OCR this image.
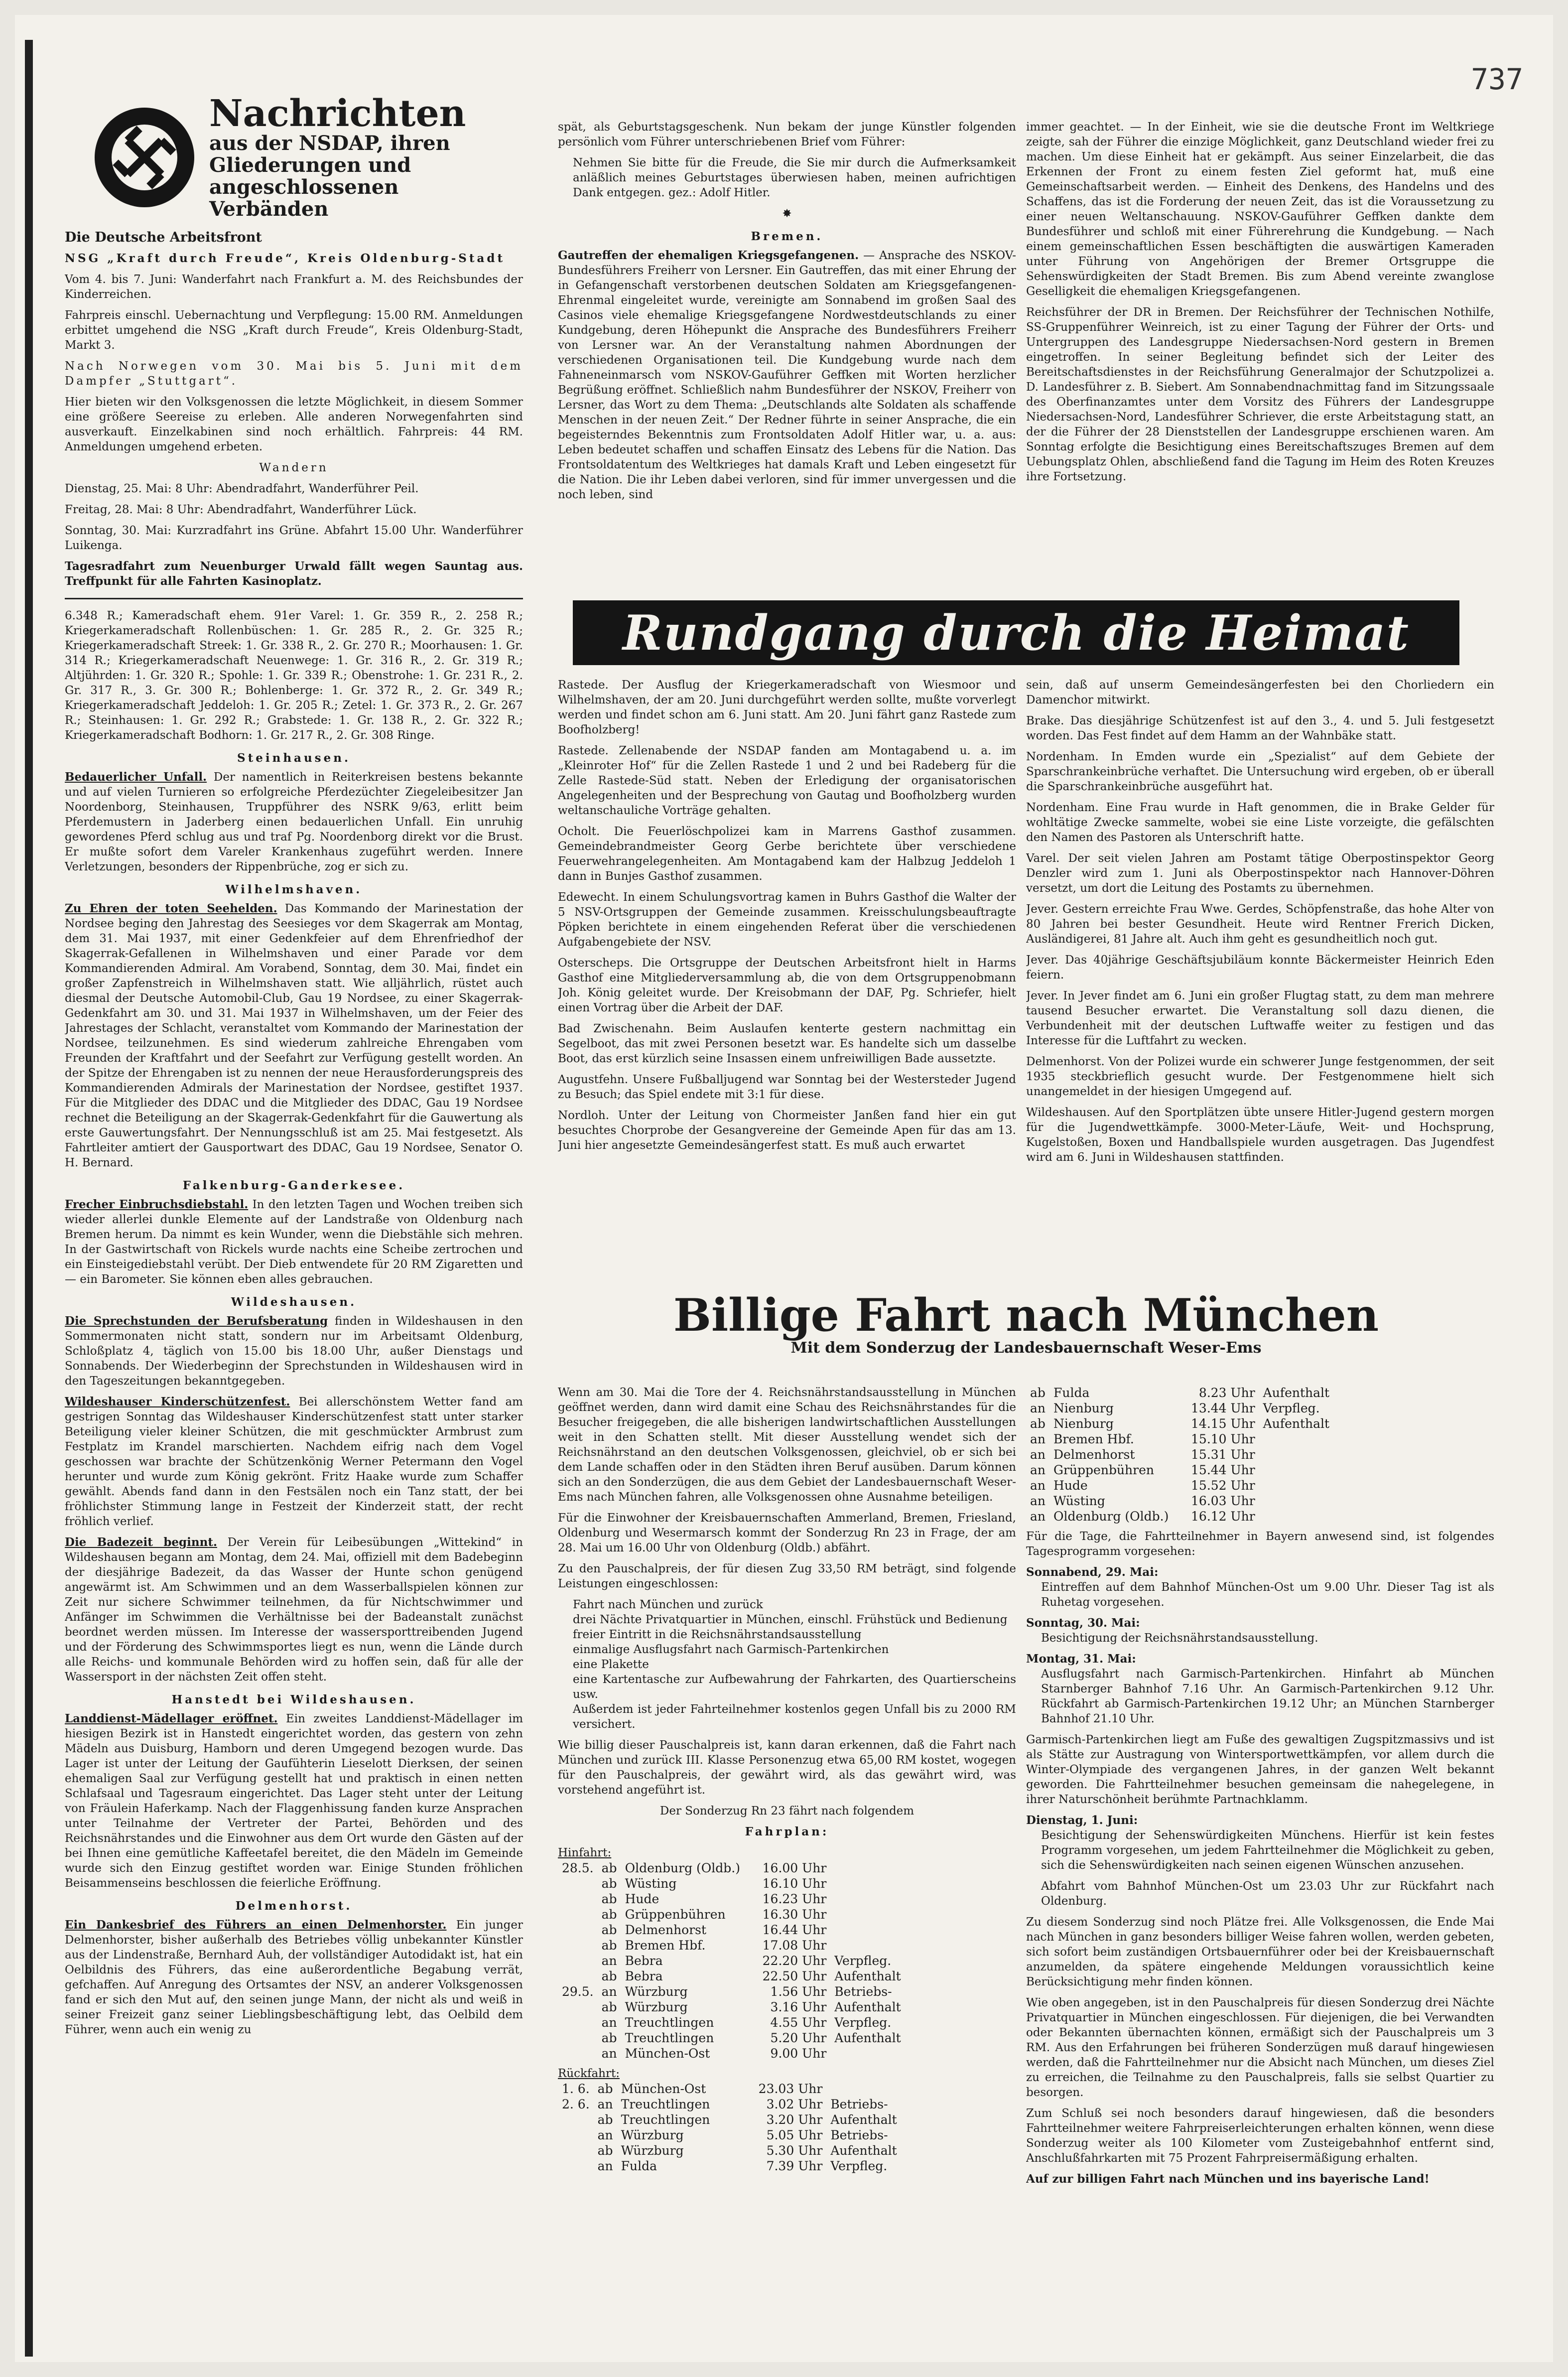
737
Nachrichten
aus der NSDAP, ihren
Gliederungen und
angeschlossenen Verbänden

Die Deutsche Arbeitsfront

NSG „Kraft durch Freude“, Kreis Oldenburg-Stadt

Vom 4. bis 7. Juni: Wanderfahrt nach Frankfurt a. M. des Reichsbundes der Kinderreichen.

Fahrpreis einschl. Uebernachtung und Verpflegung: 15.00 RM. Anmeldungen erbittet umgehend die NSG „Kraft durch Freude“, Kreis Oldenburg-Stadt, Markt 3.

Nach Norwegen vom 30. Mai bis 5. Juni mit dem Dampfer „Stuttgart“.

Hier bieten wir den Volksgenossen die letzte Möglichkeit, in diesem Sommer eine größere Seereise zu erleben. Alle anderen Norwegenfahrten sind ausverkauft. Einzelkabinen sind noch erhältlich. Fahrpreis: 44 RM. Anmeldungen umgehend erbeten.

Wandern

Dienstag, 25. Mai: 8 Uhr: Abendradfahrt, Wanderführer Peil.

Freitag, 28. Mai: 8 Uhr: Abendradfahrt, Wanderführer Lück.

Sonntag, 30. Mai: Kurzradfahrt ins Grüne. Abfahrt 15.00 Uhr. Wanderführer Luikenga.

Tagesradfahrt zum Neuenburger Urwald fällt wegen Sauntag aus. Treffpunkt für alle Fahrten Kasinoplatz.

6.348 R.; Kameradschaft ehem. 91er Varel: 1. Gr. 359 R., 2. 258 R.; Kriegerkameradschaft Rollenbüschen: 1. Gr. 285 R., 2. Gr. 325 R.; Kriegerkameradschaft Streek: 1. Gr. 338 R., 2. Gr. 270 R.; Moorhausen: 1. Gr. 314 R.; Kriegerkameradschaft Neuenwege: 1. Gr. 316 R., 2. Gr. 319 R.; Altjührden: 1. Gr. 320 R.; Spohle: 1. Gr. 339 R.; Obenstrohe: 1. Gr. 231 R., 2. Gr. 317 R., 3. Gr. 300 R.; Bohlenberge: 1. Gr. 372 R., 2. Gr. 349 R.; Kriegerkameradschaft Jeddeloh: 1. Gr. 205 R.; Zetel: 1. Gr. 373 R., 2. Gr. 267 R.; Steinhausen: 1. Gr. 292 R.; Grabstede: 1. Gr. 138 R., 2. Gr. 322 R.; Kriegerkameradschaft Bodhorn: 1. Gr. 217 R., 2. Gr. 308 Ringe.

Steinhausen.

Bedauerlicher Unfall. Der namentlich in Reiterkreisen bestens bekannte und auf vielen Turnieren so erfolgreiche Pferdezüchter Ziegeleibesitzer Jan Noordenborg, Steinhausen, Truppführer des NSRK 9/63, erlitt beim Pferdemustern in Jaderberg einen bedauerlichen Unfall. Ein unruhig gewordenes Pferd schlug aus und traf Pg. Noordenborg direkt vor die Brust. Er mußte sofort dem Vareler Krankenhaus zugeführt werden. Innere Verletzungen, besonders der Rippenbrüche, zog er sich zu.

Wilhelmshaven.

Zu Ehren der toten Seehelden. Das Kommando der Marinestation der Nordsee beging den Jahrestag des Seesieges vor dem Skagerrak am Montag, dem 31. Mai 1937, mit einer Gedenkfeier auf dem Ehrenfriedhof der Skagerrak-Gefallenen in Wilhelmshaven und einer Parade vor dem Kommandierenden Admiral. Am Vorabend, Sonntag, dem 30. Mai, findet ein großer Zapfenstreich in Wilhelmshaven statt. Wie alljährlich, rüstet auch diesmal der Deutsche Automobil-Club, Gau 19 Nordsee, zu einer Skagerrak-Gedenkfahrt am 30. und 31. Mai 1937 in Wilhelmshaven, um der Feier des Jahrestages der Schlacht, veranstaltet vom Kommando der Marinestation der Nordsee, teilzunehmen. Es sind wiederum zahlreiche Ehrengaben vom Freunden der Kraftfahrt und der Seefahrt zur Verfügung gestellt worden. An der Spitze der Ehrengaben ist zu nennen der neue Herausforderungspreis des Kommandierenden Admirals der Marinestation der Nordsee, gestiftet 1937. Für die Mitglieder des DDAC und die Mitglieder des DDAC, Gau 19 Nordsee rechnet die Beteiligung an der Skagerrak-Gedenkfahrt für die Gauwertung als erste Gauwertungsfahrt. Der Nennungsschluß ist am 25. Mai festgesetzt. Als Fahrtleiter amtiert der Gausportwart des DDAC, Gau 19 Nordsee, Senator O. H. Bernard.

Falkenburg-Ganderkesee.

Frecher Einbruchsdiebstahl. In den letzten Tagen und Wochen treiben sich wieder allerlei dunkle Elemente auf der Landstraße von Oldenburg nach Bremen herum. Da nimmt es kein Wunder, wenn die Diebstähle sich mehren. In der Gastwirtschaft von Rickels wurde nachts eine Scheibe zertrochen und ein Einsteigediebstahl verübt. Der Dieb entwendete für 20 RM Zigaretten und — ein Barometer. Sie können eben alles gebrauchen.

Wildeshausen.

Die Sprechstunden der Berufsberatung finden in Wildeshausen in den Sommermonaten nicht statt, sondern nur im Arbeitsamt Oldenburg, Schloßplatz 4, täglich von 15.00 bis 18.00 Uhr, außer Dienstags und Sonnabends. Der Wiederbeginn der Sprechstunden in Wildeshausen wird in den Tageszeitungen bekanntgegeben.

Wildeshauser Kinderschützenfest. Bei allerschönstem Wetter fand am gestrigen Sonntag das Wildeshauser Kinderschützenfest statt unter starker Beteiligung vieler kleiner Schützen, die mit geschmückter Armbrust zum Festplatz im Krandel marschierten. Nachdem eifrig nach dem Vogel geschossen war brachte der Schützenkönig Werner Petermann den Vogel herunter und wurde zum König gekrönt. Fritz Haake wurde zum Schaffer gewählt. Abends fand dann in den Festsälen noch ein Tanz statt, der bei fröhlichster Stimmung lange in Festzeit der Kinderzeit statt, der recht fröhlich verlief.

Die Badezeit beginnt. Der Verein für Leibesübungen „Wittekind“ in Wildeshausen begann am Montag, dem 24. Mai, offiziell mit dem Badebeginn der diesjährige Badezeit, da das Wasser der Hunte schon genügend angewärmt ist. Am Schwimmen und an dem Wasserballspielen können zur Zeit nur sichere Schwimmer teilnehmen, da für Nichtschwimmer und Anfänger im Schwimmen die Verhältnisse bei der Badeanstalt zunächst beordnet werden müssen. Im Interesse der wassersporttreibenden Jugend und der Förderung des Schwimmsportes liegt es nun, wenn die Lände durch alle Reichs- und kommunale Behörden wird zu hoffen sein, daß für alle der Wassersport in der nächsten Zeit offen steht.

Hanstedt bei Wildeshausen.

Landdienst-Mädellager eröffnet. Ein zweites Landdienst-Mädellager im hiesigen Bezirk ist in Hanstedt eingerichtet worden, das gestern von zehn Mädeln aus Duisburg, Hamborn und deren Umgegend bezogen wurde. Das Lager ist unter der Leitung der Gaufühterin Lieselott Dierksen, der seinen ehemaligen Saal zur Verfügung gestellt hat und praktisch in einen netten Schlafsaal und Tagesraum eingerichtet. Das Lager steht unter der Leitung von Fräulein Haferkamp. Nach der Flaggenhissung fanden kurze Ansprachen unter Teilnahme der Vertreter der Partei, Behörden und des Reichsnährstandes und die Einwohner aus dem Ort wurde den Gästen auf der bei Ihnen eine gemütliche Kaffeetafel bereitet, die den Mädeln im Gemeinde wurde sich den Einzug gestiftet worden war. Einige Stunden fröhlichen Beisammenseins beschlossen die feierliche Eröffnung.

Delmenhorst.

Ein Dankesbrief des Führers an einen Delmenhorster. Ein junger Delmenhorster, bisher außerhalb des Betriebes völlig unbekannter Künstler aus der Lindenstraße, Bernhard Auh, der vollständiger Autodidakt ist, hat ein Oelbildnis des Führers, das eine außerordentliche Begabung verrät, gefchaffen. Auf Anregung des Ortsamtes der NSV, an anderer Volksgenossen fand er sich den Mut auf, den seinen junge Mann, der nicht als und weiß in seiner Freizeit ganz seiner Lieblingsbeschäftigung lebt, das Oelbild dem Führer, wenn auch ein wenig zu

spät, als Geburtstagsgeschenk. Nun bekam der junge Künstler folgenden persönlich vom Führer unterschriebenen Brief vom Führer:

Nehmen Sie bitte für die Freude, die Sie mir durch die Aufmerksamkeit anläßlich meines Geburtstages überwiesen haben, meinen aufrichtigen Dank entgegen. gez.: Adolf Hitler.

✸

Bremen.

Gautreffen der ehemaligen Kriegsgefangenen. — Ansprache des NSKOV-Bundesführers Freiherr von Lersner. Ein Gautreffen, das mit einer Ehrung der in Gefangenschaft verstorbenen deutschen Soldaten am Kriegsgefangenen-Ehrenmal eingeleitet wurde, vereinigte am Sonnabend im großen Saal des Casinos viele ehemalige Kriegsgefangene Nordwestdeutschlands zu einer Kundgebung, deren Höhepunkt die Ansprache des Bundesführers Freiherr von Lersner war. An der Veranstaltung nahmen Abordnungen der verschiedenen Organisationen teil. Die Kundgebung wurde nach dem Fahneneinmarsch vom NSKOV-Gauführer Geffken mit Worten herzlicher Begrüßung eröffnet. Schließlich nahm Bundesführer der NSKOV, Freiherr von Lersner, das Wort zu dem Thema: „Deutschlands alte Soldaten als schaffende Menschen in der neuen Zeit.“ Der Redner führte in seiner Ansprache, die ein begeisterndes Bekenntnis zum Frontsoldaten Adolf Hitler war, u. a. aus: Leben bedeutet schaffen und schaffen Einsatz des Lebens für die Nation. Das Frontsoldatentum des Weltkrieges hat damals Kraft und Leben eingesetzt für die Nation. Die ihr Leben dabei verloren, sind für immer unvergessen und die noch leben, sind

immer geachtet. — In der Einheit, wie sie die deutsche Front im Weltkriege zeigte, sah der Führer die einzige Möglichkeit, ganz Deutschland wieder frei zu machen. Um diese Einheit hat er gekämpft. Aus seiner Einzelarbeit, die das Erkennen der Front zu einem festen Ziel geformt hat, muß eine Gemeinschaftsarbeit werden. — Einheit des Denkens, des Handelns und des Schaffens, das ist die Forderung der neuen Zeit, das ist die Voraussetzung zu einer neuen Weltanschauung. NSKOV-Gauführer Geffken dankte dem Bundesführer und schloß mit einer Führerehrung die Kundgebung. — Nach einem gemeinschaftlichen Essen beschäftigten die auswärtigen Kameraden unter Führung von Angehörigen der Bremer Ortsgruppe die Sehenswürdigkeiten der Stadt Bremen. Bis zum Abend vereinte zwanglose Geselligkeit die ehemaligen Kriegsgefangenen.

Reichsführer der DR in Bremen. Der Reichsführer der Technischen Nothilfe, SS-Gruppenführer Weinreich, ist zu einer Tagung der Führer der Orts- und Untergruppen des Landesgruppe Niedersachsen-Nord gestern in Bremen eingetroffen. In seiner Begleitung befindet sich der Leiter des Bereitschaftsdienstes in der Reichsführung Generalmajor der Schutzpolizei a. D. Landesführer z. B. Siebert. Am Sonnabendnachmittag fand im Sitzungssaale des Oberfinanzamtes unter dem Vorsitz des Führers der Landesgruppe Niedersachsen-Nord, Landesführer Schriever, die erste Arbeitstagung statt, an der die Führer der 28 Dienststellen der Landesgruppe erschienen waren. Am Sonntag erfolgte die Besichtigung eines Bereitschaftszuges Bremen auf dem Uebungsplatz Ohlen, abschließend fand die Tagung im Heim des Roten Kreuzes ihre Fortsetzung.

Rundgang durch die Heimat

Rastede. Der Ausflug der Kriegerkameradschaft von Wiesmoor und Wilhelmshaven, der am 20. Juni durchgeführt werden sollte, mußte vorverlegt werden und findet schon am 6. Juni statt. Am 20. Juni fährt ganz Rastede zum Boofholzberg!

Rastede. Zellenabende der NSDAP fanden am Montagabend u. a. im „Kleinroter Hof“ für die Zellen Rastede 1 und 2 und bei Radeberg für die Zelle Rastede-Süd statt. Neben der Erledigung der organisatorischen Angelegenheiten und der Besprechung von Gautag und Boofholzberg wurden weltanschauliche Vorträge gehalten.

Ocholt. Die Feuerlöschpolizei kam in Marrens Gasthof zusammen. Gemeindebrandmeister Georg Gerbe berichtete über verschiedene Feuerwehrangelegenheiten. Am Montagabend kam der Halbzug Jeddeloh 1 dann in Bunjes Gasthof zusammen.

Edewecht. In einem Schulungsvortrag kamen in Buhrs Gasthof die Walter der 5 NSV-Ortsgruppen der Gemeinde zusammen. Kreisschulungsbeauftragte Pöpken berichtete in einem eingehenden Referat über die verschiedenen Aufgabengebiete der NSV.

Osterscheps. Die Ortsgruppe der Deutschen Arbeitsfront hielt in Harms Gasthof eine Mitgliederversammlung ab, die von dem Ortsgruppenobmann Joh. König geleitet wurde. Der Kreisobmann der DAF, Pg. Schriefer, hielt einen Vortrag über die Arbeit der DAF.

Bad Zwischenahn. Beim Auslaufen kenterte gestern nachmittag ein Segelboot, das mit zwei Personen besetzt war. Es handelte sich um dasselbe Boot, das erst kürzlich seine Insassen einem unfreiwilligen Bade aussetzte.

Augustfehn. Unsere Fußballjugend war Sonntag bei der Westersteder Jugend zu Besuch; das Spiel endete mit 3:1 für diese.

Nordloh. Unter der Leitung von Chormeister Janßen fand hier ein gut besuchtes Chorprobe der Gesangvereine der Gemeinde Apen für das am 13. Juni hier angesetzte Gemeindesängerfest statt. Es muß auch erwartet

sein, daß auf unserm Gemeindesängerfesten bei den Chorliedern ein Damenchor mitwirkt.

Brake. Das diesjährige Schützenfest ist auf den 3., 4. und 5. Juli festgesetzt worden. Das Fest findet auf dem Hamm an der Wahnbäke statt.

Nordenham. In Emden wurde ein „Spezialist“ auf dem Gebiete der Sparschrankeinbrüche verhaftet. Die Untersuchung wird ergeben, ob er überall die Sparschrankeinbrüche ausgeführt hat.

Nordenham. Eine Frau wurde in Haft genommen, die in Brake Gelder für wohltätige Zwecke sammelte, wobei sie eine Liste vorzeigte, die gefälschten den Namen des Pastoren als Unterschrift hatte.

Varel. Der seit vielen Jahren am Postamt tätige Oberpostinspektor Georg Denzler wird zum 1. Juni als Oberpostinspektor nach Hannover-Döhren versetzt, um dort die Leitung des Postamts zu übernehmen.

Jever. Gestern erreichte Frau Wwe. Gerdes, Schöpfenstraße, das hohe Alter von 80 Jahren bei bester Gesundheit. Heute wird Rentner Frerich Dicken, Ausländigerei, 81 Jahre alt. Auch ihm geht es gesundheitlich noch gut.

Jever. Das 40jährige Geschäftsjubiläum konnte Bäckermeister Heinrich Eden feiern.

Jever. In Jever findet am 6. Juni ein großer Flugtag statt, zu dem man mehrere tausend Besucher erwartet. Die Veranstaltung soll dazu dienen, die Verbundenheit mit der deutschen Luftwaffe weiter zu festigen und das Interesse für die Luftfahrt zu wecken.

Delmenhorst. Von der Polizei wurde ein schwerer Junge festgenommen, der seit 1935 steckbrieflich gesucht wurde. Der Festgenommene hielt sich unangemeldet in der hiesigen Umgegend auf.

Wildeshausen. Auf den Sportplätzen übte unsere Hitler-Jugend gestern morgen für die Jugendwettkämpfe. 3000-Meter-Läufe, Weit- und Hochsprung, Kugelstoßen, Boxen und Handballspiele wurden ausgetragen. Das Jugendfest wird am 6. Juni in Wildeshausen stattfinden.

Billige Fahrt nach München

Mit dem Sonderzug der Landesbauernschaft Weser-Ems

Wenn am 30. Mai die Tore der 4. Reichsnährstandsausstellung in München geöffnet werden, dann wird damit eine Schau des Reichsnährstandes für die Besucher freigegeben, die alle bisherigen landwirtschaftlichen Ausstellungen weit in den Schatten stellt. Mit dieser Ausstellung wendet sich der Reichsnährstand an den deutschen Volksgenossen, gleichviel, ob er sich bei dem Lande schaffen oder in den Städten ihren Beruf ausüben. Darum können sich an den Sonderzügen, die aus dem Gebiet der Landesbauernschaft Weser-Ems nach München fahren, alle Volksgenossen ohne Ausnahme beteiligen.

Für die Einwohner der Kreisbauernschaften Ammerland, Bremen, Friesland, Oldenburg und Wesermarsch kommt der Sonderzug Rn 23 in Frage, der am 28. Mai um 16.00 Uhr von Oldenburg (Oldb.) abfährt.

Zu den Pauschalpreis, der für diesen Zug 33,50 RM beträgt, sind folgende Leistungen eingeschlossen:

Fahrt nach München und zurück

drei Nächte Privatquartier in München, einschl. Frühstück und Bedienung

freier Eintritt in die Reichsnährstandsausstellung

einmalige Ausflugsfahrt nach Garmisch-Partenkirchen

eine Plakette

eine Kartentasche zur Aufbewahrung der Fahrkarten, des Quartierscheins usw.

Außerdem ist jeder Fahrteilnehmer kostenlos gegen Unfall bis zu 2000 RM versichert.

Wie billig dieser Pauschalpreis ist, kann daran erkennen, daß die Fahrt nach München und zurück III. Klasse Personenzug etwa 65,00 RM kostet, wogegen für den Pauschalpreis, der gewährt wird, als das gewährt wird, was vorstehend angeführt ist.

Der Sonderzug Rn 23 fährt nach folgendem

Fahrplan:

Hinfahrt:

28.5.	ab	Oldenburg (Oldb.)	16.00 Uhr	
	ab	Wüsting	16.10 Uhr	
	ab	Hude	16.23 Uhr	
	ab	Grüppenbühren	16.30 Uhr	
	ab	Delmenhorst	16.44 Uhr	
	ab	Bremen Hbf.	17.08 Uhr	
	an	Bebra	22.20 Uhr	Verpfleg.
	ab	Bebra	22.50 Uhr	Aufenthalt
29.5.	an	Würzburg	1.56 Uhr	Betriebs-
	ab	Würzburg	3.16 Uhr	Aufenthalt
	an	Treuchtlingen	4.55 Uhr	Verpfleg.
	ab	Treuchtlingen	5.20 Uhr	Aufenthalt
	an	München-Ost	9.00 Uhr	

Rückfahrt:

1. 6.	ab	München-Ost	23.03 Uhr	
2. 6.	an	Treuchtlingen	3.02 Uhr	Betriebs-
	ab	Treuchtlingen	3.20 Uhr	Aufenthalt
	an	Würzburg	5.05 Uhr	Betriebs-
	ab	Würzburg	5.30 Uhr	Aufenthalt
	an	Fulda	7.39 Uhr	Verpfleg.
ab	Fulda	8.23 Uhr	Aufenthalt
an	Nienburg	13.44 Uhr	Verpfleg.
ab	Nienburg	14.15 Uhr	Aufenthalt
an	Bremen Hbf.	15.10 Uhr	
an	Delmenhorst	15.31 Uhr	
an	Grüppenbühren	15.44 Uhr	
an	Hude	15.52 Uhr	
an	Wüsting	16.03 Uhr	
an	Oldenburg (Oldb.)	16.12 Uhr	

Für die Tage, die Fahrtteilnehmer in Bayern anwesend sind, ist folgendes Tagesprogramm vorgesehen:

Sonnabend, 29. Mai:

Eintreffen auf dem Bahnhof München-Ost um 9.00 Uhr. Dieser Tag ist als Ruhetag vorgesehen.

Sonntag, 30. Mai:

Besichtigung der Reichsnährstandsausstellung.

Montag, 31. Mai:

Ausflugsfahrt nach Garmisch-Partenkirchen. Hinfahrt ab München Starnberger Bahnhof 7.16 Uhr. An Garmisch-Partenkirchen 9.12 Uhr. Rückfahrt ab Garmisch-Partenkirchen 19.12 Uhr; an München Starnberger Bahnhof 21.10 Uhr.

Garmisch-Partenkirchen liegt am Fuße des gewaltigen Zugspitzmassivs und ist als Stätte zur Austragung von Wintersportwettkämpfen, vor allem durch die Winter-Olympiade des vergangenen Jahres, in der ganzen Welt bekannt geworden. Die Fahrtteilnehmer besuchen gemeinsam die nahegelegene, in ihrer Naturschönheit berühmte Partnachklamm.

Dienstag, 1. Juni:

Besichtigung der Sehenswürdigkeiten Münchens. Hierfür ist kein festes Programm vorgesehen, um jedem Fahrtteilnehmer die Möglichkeit zu geben, sich die Sehenswürdigkeiten nach seinen eigenen Wünschen anzusehen.

Abfahrt vom Bahnhof München-Ost um 23.03 Uhr zur Rückfahrt nach Oldenburg.

Zu diesem Sonderzug sind noch Plätze frei. Alle Volksgenossen, die Ende Mai nach München in ganz besonders billiger Weise fahren wollen, werden gebeten, sich sofort beim zuständigen Ortsbauernführer oder bei der Kreisbauernschaft anzumelden, da spätere eingehende Meldungen voraussichtlich keine Berücksichtigung mehr finden können.

Wie oben angegeben, ist in den Pauschalpreis für diesen Sonderzug drei Nächte Privatquartier in München eingeschlossen. Für diejenigen, die bei Verwandten oder Bekannten übernachten können, ermäßigt sich der Pauschalpreis um 3 RM. Aus den Erfahrungen bei früheren Sonderzügen muß darauf hingewiesen werden, daß die Fahrtteilnehmer nur die Absicht nach München, um dieses Ziel zu erreichen, die Teilnahme zu den Pauschalpreis, falls sie selbst Quartier zu besorgen.

Zum Schluß sei noch besonders darauf hingewiesen, daß die besonders Fahrtteilnehmer weitere Fahrpreiserleichterungen erhalten können, wenn diese Sonderzug weiter als 100 Kilometer vom Zusteigebahnhof entfernt sind, Anschlußfahrkarten mit 75 Prozent Fahrpreisermäßigung erhalten.

Auf zur billigen Fahrt nach München und ins bayerische Land!
